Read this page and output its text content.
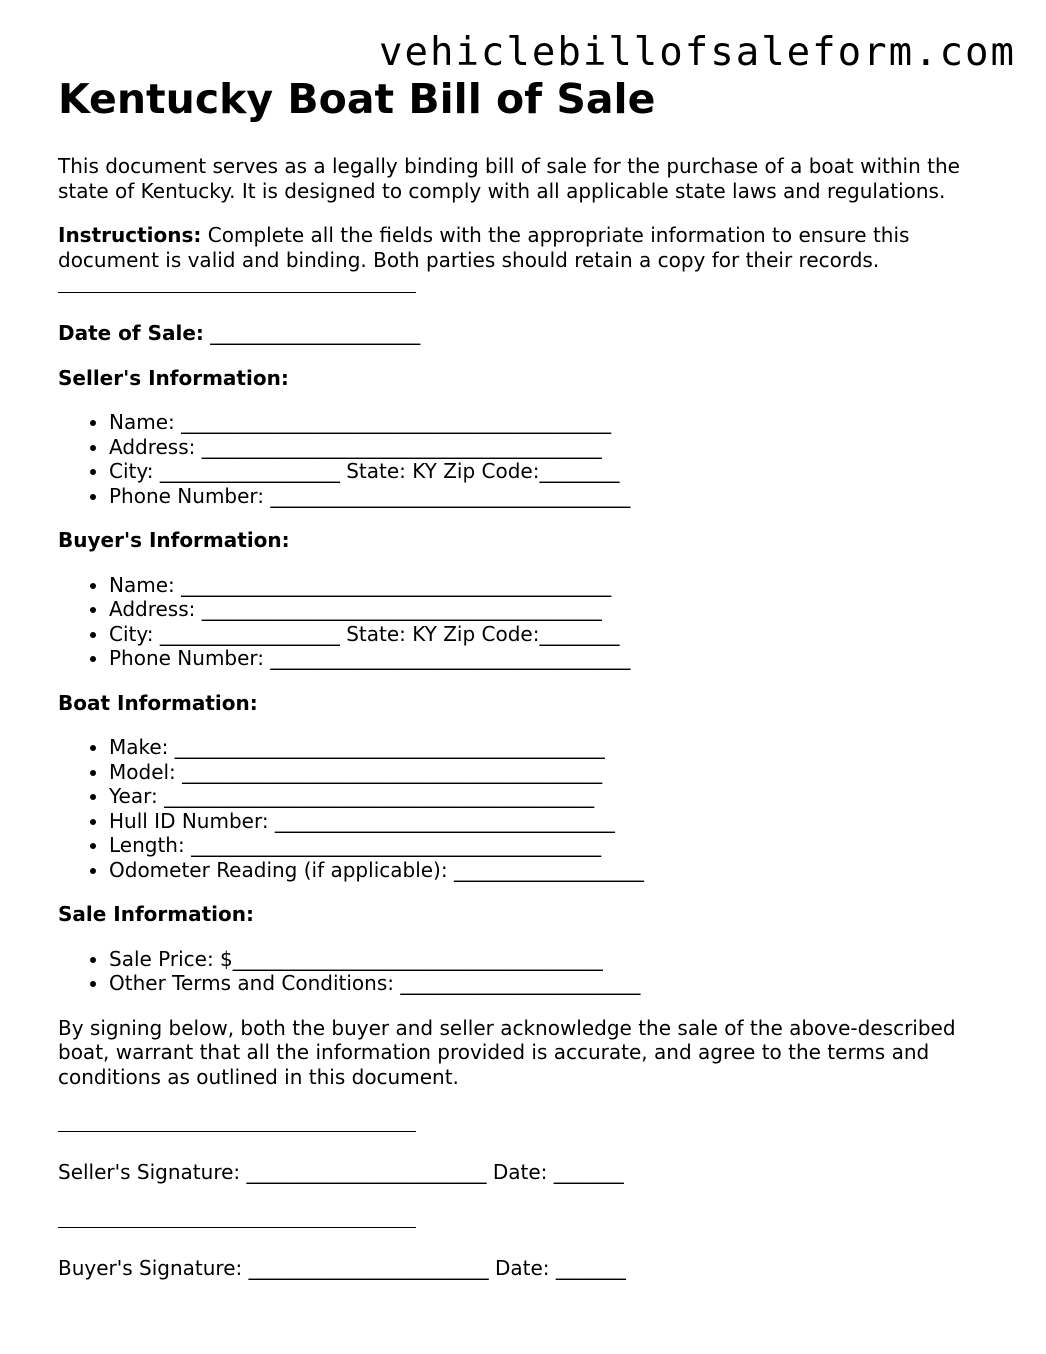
vehiclebillofsaleform.com
Kentucky Boat Bill of Sale

This document serves as a legally binding bill of sale for the purchase of a boat within the state of Kentucky. It is designed to comply with all applicable state laws and regulations.

Instructions: Complete all the fields with the appropriate information to ensure this document is valid and binding. Both parties should retain a copy for their records.

Date of Sale: _____________________

Seller's Information:
• Name: ___________________________________________
• Address: ________________________________________
• City: __________________ State: KY Zip Code:________
• Phone Number: ____________________________________
Buyer's Information:
• Name: ___________________________________________
• Address: ________________________________________
• City: __________________ State: KY Zip Code:________
• Phone Number: ____________________________________
Boat Information:
• Make: ___________________________________________
• Model: __________________________________________
• Year: ___________________________________________
• Hull ID Number: __________________________________
• Length: _________________________________________
• Odometer Reading (if applicable): ___________________
Sale Information:
• Sale Price: $_____________________________________
• Other Terms and Conditions: ________________________

By signing below, both the buyer and seller acknowledge the sale of the above-described boat, warrant that all the information provided is accurate, and agree to the terms and conditions as outlined in this document.

Seller's Signature: ________________________ Date: _______

Buyer's Signature: ________________________ Date: _______
